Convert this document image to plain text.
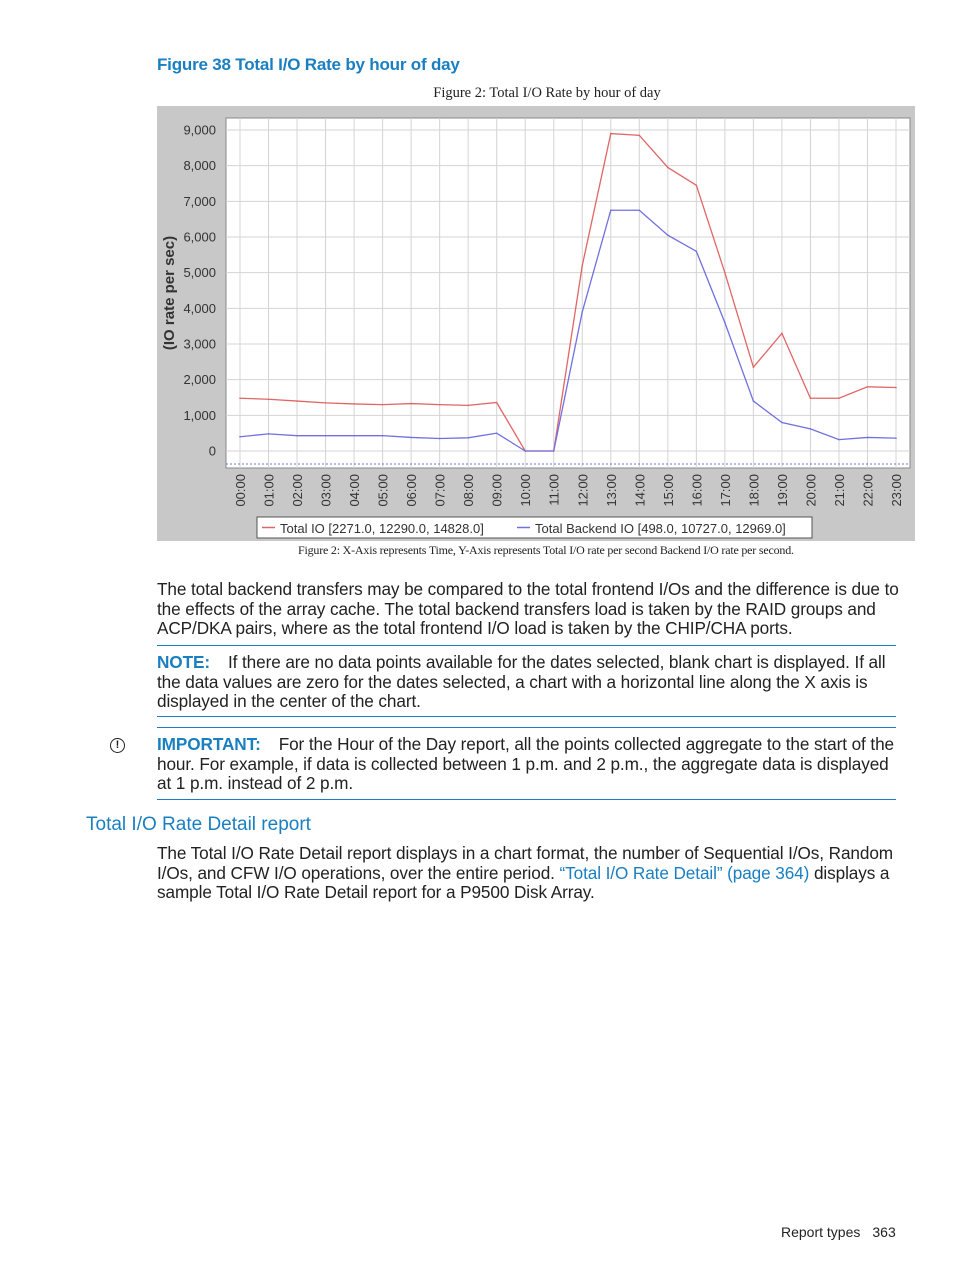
Figure 38 Total I/O Rate by hour of day
Figure 2: Total I/O Rate by hour of day
0
1,000
2,000
3,000
4,000
5,000
6,000
7,000
8,000
9,000
00:00 01:00 02:00 03:00 04:00 05:00 06:00 07:00 08:00 09:00 10:00 11:00 12:00 13:00 14:00 15:00 16:00 17:00 18:00 19:00 20:00 21:00 22:00 23:00
(IO rate per sec)
Total IO [2271.0, 12290.0, 14828.0]	Total Backend IO [498.0, 10727.0, 12969.0]
Figure 2: X-Axis represents Time, Y-Axis represents Total I/O rate per second Backend I/O rate per second.
The total backend transfers may be compared to the total frontend I/Os and the difference is due to the effects of the array cache. The total backend transfers load is taken by the RAID groups and ACP/DKA pairs, where as the total frontend I/O load is taken by the CHIP/CHA ports.
NOTE: If there are no data points available for the dates selected, blank chart is displayed. If all the data values are zero for the dates selected, a chart with a horizontal line along the X axis is displayed in the center of the chart.
!	IMPORTANT: For the Hour of the Day report, all the points collected aggregate to the start of the hour. For example, if data is collected between 1 p.m. and 2 p.m., the aggregate data is displayed at 1 p.m. instead of 2 p.m.
Total I/O Rate Detail report
The Total I/O Rate Detail report displays in a chart format, the number of Sequential I/Os, Random I/Os, and CFW I/O operations, over the entire period. “Total I/O Rate Detail” (page 364) displays a sample Total I/O Rate Detail report for a P9500 Disk Array.
Report types 363
